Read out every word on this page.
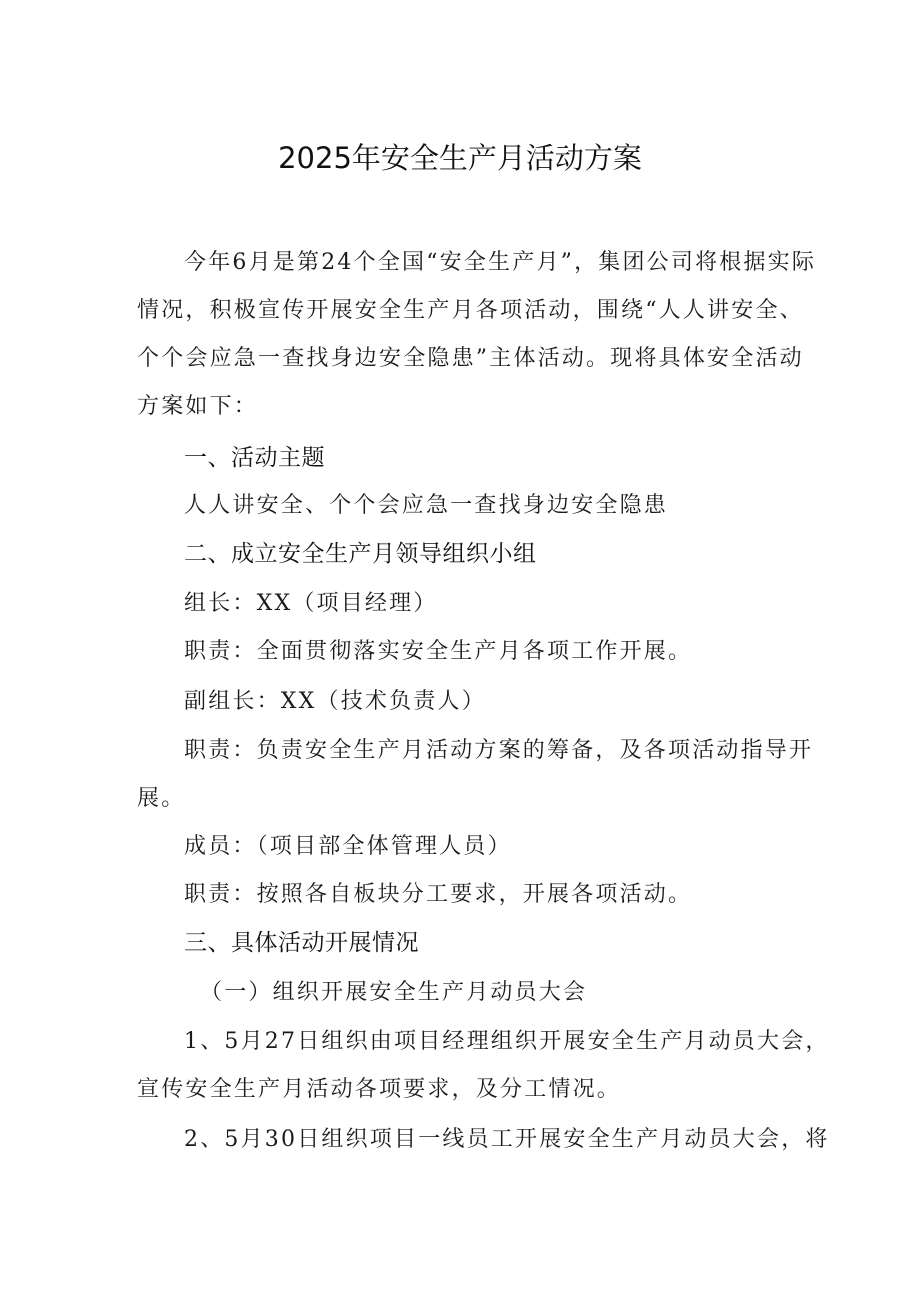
2025年安全生产月活动方案

今年6月是第24个全国“安全生产月”，集团公司将根据实际

情况，积极宣传开展安全生产月各项活动，围绕“人人讲安全、

个个会应急一查找身边安全隐患”主体活动。现将具体安全活动

方案如下：

一、活动主题

人人讲安全、个个会应急一查找身边安全隐患

二、成立安全生产月领导组织小组

组长：XX（项目经理）

职责：全面贯彻落实安全生产月各项工作开展。

副组长：XX（技术负责人）

职责：负责安全生产月活动方案的筹备，及各项活动指导开

展。

成员：（项目部全体管理人员）

职责：按照各自板块分工要求，开展各项活动。

三、具体活动开展情况

（一）组织开展安全生产月动员大会

1、5月27日组织由项目经理组织开展安全生产月动员大会，

宣传安全生产月活动各项要求，及分工情况。

2、5月30日组织项目一线员工开展安全生产月动员大会，将
